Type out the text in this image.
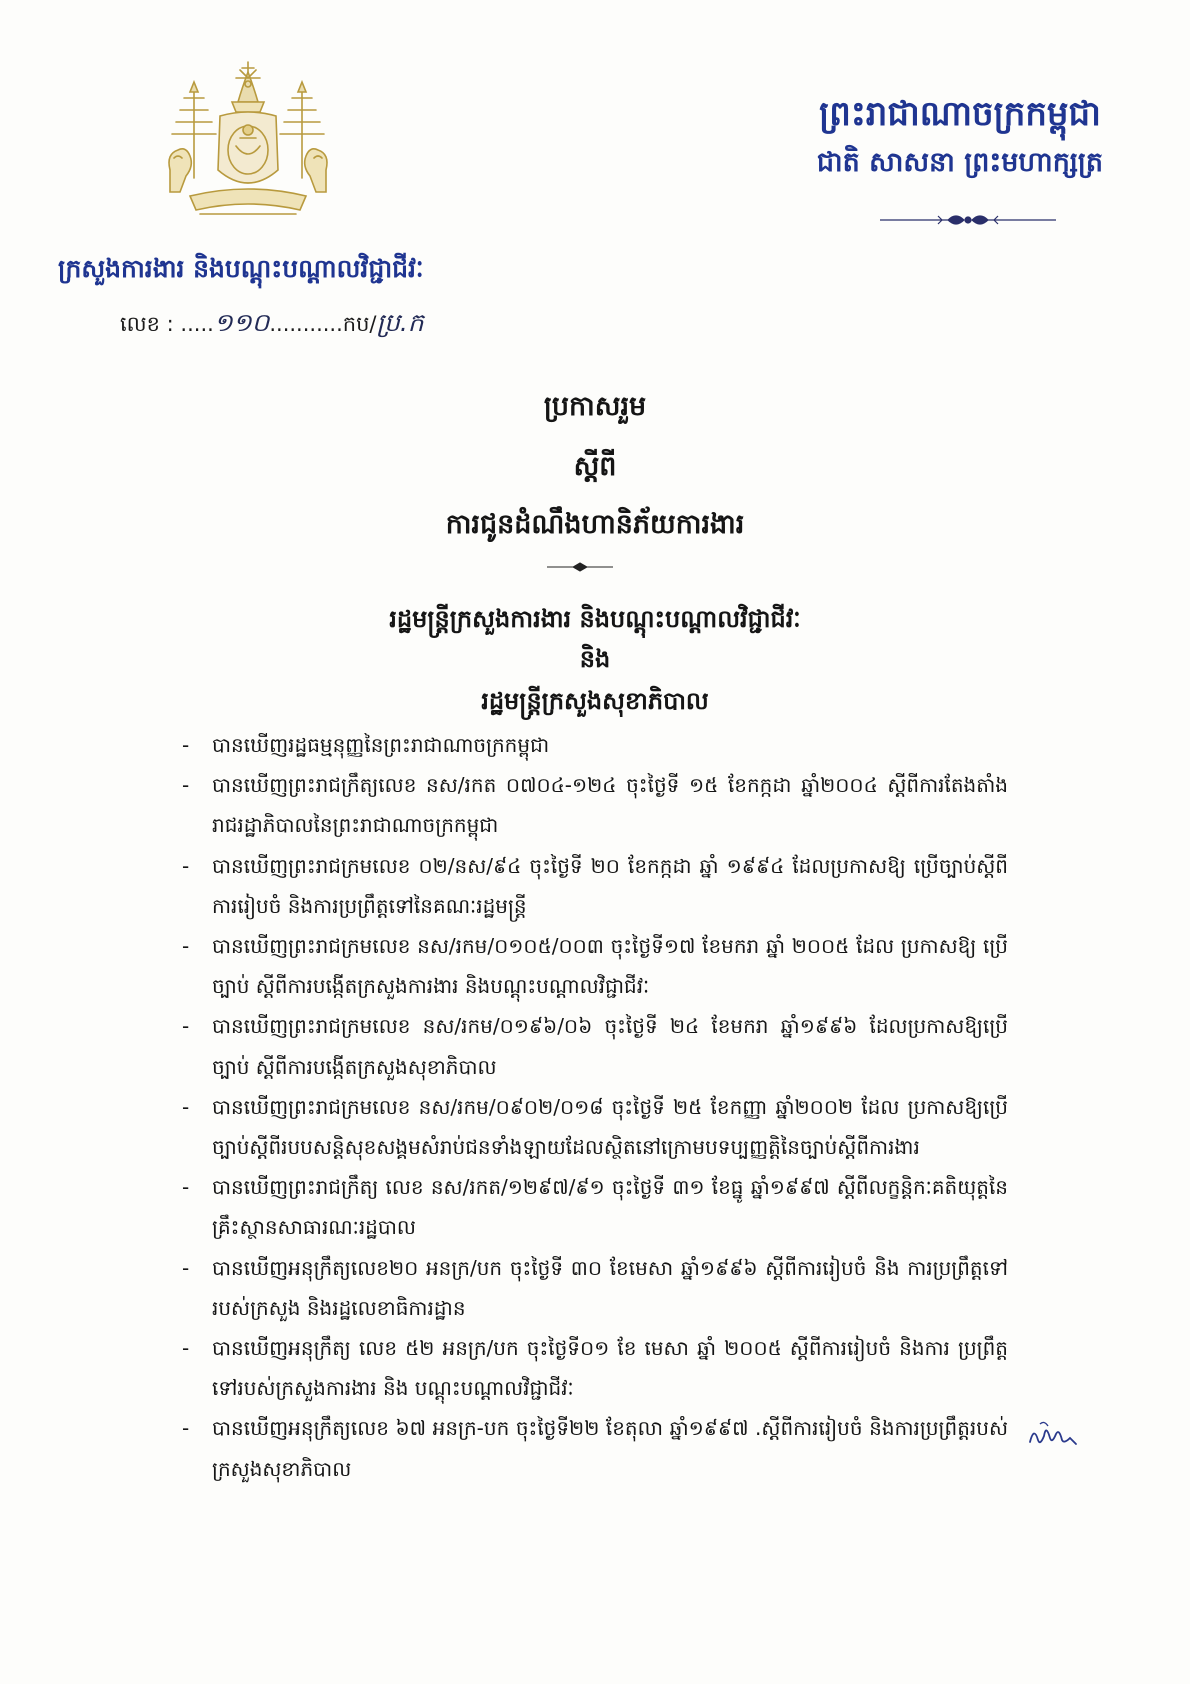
ព្រះរាជាណាចក្រកម្ពុជា
ជាតិ សាសនា ព្រះមហាក្សត្រ
ក្រសួងការងារ និងបណ្តុះបណ្តាលវិជ្ជាជីវៈ
លេខ : .....១១០...........កប/ប្រ.ក
ប្រកាសរួម
ស្តីពី
ការជូនដំណឹងហានិភ័យការងារ
រដ្ឋមន្ត្រីក្រសួងការងារ និងបណ្តុះបណ្តាលវិជ្ជាជីវៈ
និង
រដ្ឋមន្ត្រីក្រសួងសុខាភិបាល
-	បានឃើញរដ្ឋធម្មនុញ្ញនៃព្រះរាជាណាចក្រកម្ពុជា
-	បានឃើញព្រះរាជក្រឹត្យលេខ នស/រកត ០៧០៤-១២៤ ចុះថ្ងៃទី ១៥ ខែកក្កដា ឆ្នាំ២០០៤ ស្តីពីការតែងតាំងរាជរដ្ឋាភិបាលនៃព្រះរាជាណាចក្រកម្ពុជា
-	បានឃើញព្រះរាជក្រមលេខ ០២/នស/៩៤ ចុះថ្ងៃទី ២០ ខែកក្កដា ឆ្នាំ ១៩៩៤ ដែលប្រកាសឱ្យ ប្រើច្បាប់ស្តីពីការរៀបចំ និងការប្រព្រឹត្តទៅនៃគណៈរដ្ឋមន្ត្រី
-	បានឃើញព្រះរាជក្រមលេខ នស/រកម/០១០៥/០០៣ ចុះថ្ងៃទី១៧ ខែមករា ឆ្នាំ ២០០៥ ដែល ប្រកាសឱ្យ ប្រើច្បាប់ ស្តីពីការបង្កើតក្រសួងការងារ និងបណ្តុះបណ្តាលវិជ្ជាជីវៈ
-	បានឃើញព្រះរាជក្រមលេខ នស/រកម/០១៩៦/០៦ ចុះថ្ងៃទី ២៤ ខែមករា ឆ្នាំ១៩៩៦ ដែលប្រកាសឱ្យប្រើច្បាប់ ស្តីពីការបង្កើតក្រសួងសុខាភិបាល
-	បានឃើញព្រះរាជក្រមលេខ នស/រកម/០៩០២/០១៨ ចុះថ្ងៃទី ២៥ ខែកញ្ញា ឆ្នាំ២០០២ ដែល ប្រកាសឱ្យប្រើច្បាប់ស្តីពីរបបសន្តិសុខសង្គមសំរាប់ជនទាំងឡាយដែលស្ថិតនៅក្រោមបទប្បញ្ញត្តិនៃច្បាប់ស្តីពីការងារ
-	បានឃើញព្រះរាជក្រឹត្យ លេខ នស/រកត/១២៩៧/៩១ ចុះថ្ងៃទី ៣១ ខែធ្នូ ឆ្នាំ១៩៩៧ ស្តីពីលក្ខន្តិកៈគតិយុត្តនៃគ្រឹះស្ថានសាធារណៈរដ្ឋបាល
-	បានឃើញអនុក្រឹត្យលេខ២០ អនក្រ/បក ចុះថ្ងៃទី ៣០ ខែមេសា ឆ្នាំ១៩៩៦ ស្តីពីការរៀបចំ និង ការប្រព្រឹត្តទៅរបស់ក្រសួង និងរដ្ឋលេខាធិការដ្ឋាន
-	បានឃើញអនុក្រឹត្យ លេខ ៥២ អនក្រ/បក ចុះថ្ងៃទី០១ ខែ មេសា ឆ្នាំ ២០០៥ ស្តីពីការរៀបចំ និងការ ប្រព្រឹត្តទៅរបស់ក្រសួងការងារ និង បណ្តុះបណ្តាលវិជ្ជាជីវៈ
-	បានឃើញអនុក្រឹត្យលេខ ៦៧ អនក្រ-បក ចុះថ្ងៃទី២២ ខែតុលា ឆ្នាំ១៩៩៧ .ស្តីពីការរៀបចំ និងការប្រព្រឹត្តរបស់ ក្រសួងសុខាភិបាល
